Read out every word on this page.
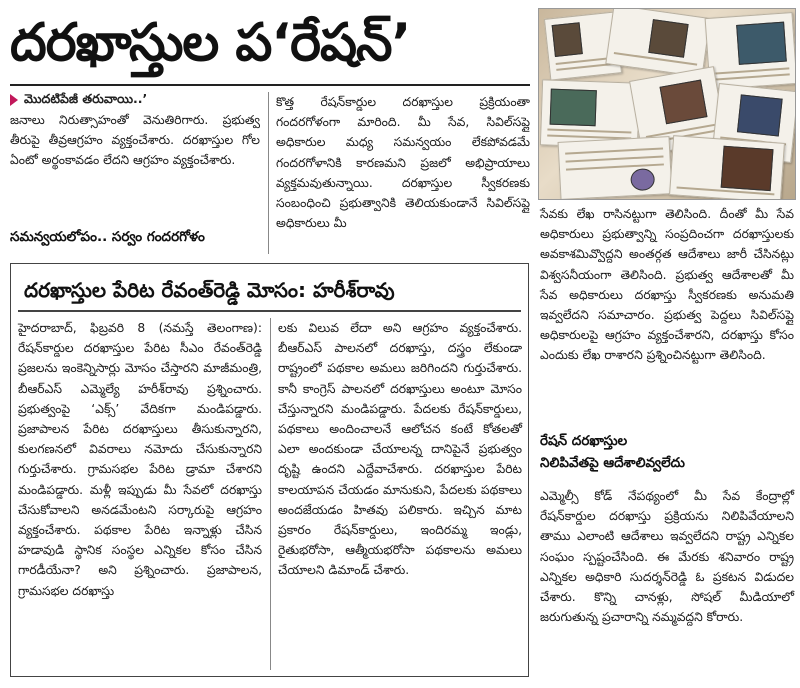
దరఖాస్తుల ప‘రేషన్’
మొదటిపేజీ తరువాయి..’
జనాలు నిరుత్సాహంతో వెనుతిరిగారు. ప్రభుత్వ తీరుపై తీవ్రఆగ్రహం వ్యక్తంచేశారు. దరఖాస్తుల గోల ఏంటో అర్థంకావడం లేదని ఆగ్రహం వ్యక్తంచేశారు.
సమన్వయలోపం.. సర్వం గందరగోళం
కొత్త రేషన్‌కార్డుల దరఖాస్తుల ప్రక్రియంతా గందరగోళంగా మారింది. మీ సేవ, సివిల్‌సప్లై అధికారుల మధ్య సమన్వయం లేకపోవడమే గందరగోళానికి కారణమని ప్రజలో అభిప్రాయాలు వ్యక్తమవుతున్నాయి. దరఖాస్తుల స్వీకరణకు సంబంధించి ప్రభుత్వానికి తెలియకుండానే సివిల్‌సప్లై అధికారులు మీ
సేవకు లేఖ రాసినట్టుగా తెలిసింది. దీంతో మీ సేవ అధికారులు ప్రభుత్వాన్ని సంప్రదించగా దరఖాస్తులకు అవకాశమివ్వొద్దని అంతర్గత ఆదేశాలు జారీ చేసినట్లు విశ్వసనీయంగా తెలిసింది. ప్రభుత్వ ఆదేశాలతో మీ సేవ అధికారులు దరఖాస్తు స్వీకరణకు అనుమతి ఇవ్వలేదని సమాచారం. ప్రభుత్వ పెద్దలు సివిల్‌సప్లై అధికారులపై ఆగ్రహం వ్యక్తంచేశారని, దరఖాస్తు కోసం ఎందుకు లేఖ రాశారని ప్రశ్నించినట్టుగా తెలిసింది.
రేషన్ దరఖాస్తుల
నిలిపివేతపై ఆదేశాలివ్వలేదు
ఎమ్మెల్సీ కోడ్ నేపథ్యంలో మీ సేవ కేంద్రాల్లో రేషన్‌కార్డుల దరఖాస్తు ప్రక్రియను నిలిపివేయాలని తాము ఎలాంటి ఆదేశాలు ఇవ్వలేదని రాష్ట్ర ఎన్నికల సంఘం స్పష్టంచేసింది. ఈ మేరకు శనివారం రాష్ట్ర ఎన్నికల అధికారి సుదర్శన్‌రెడ్డి ఓ ప్రకటన విడుదల చేశారు. కొన్ని చానళ్లు, సోషల్ మీడియాలో జరుగుతున్న ప్రచారాన్ని నమ్మవద్దని కోరారు.
దరఖాస్తుల పేరిట రేవంత్‌రెడ్డి మోసం: హరీశ్‌రావు
హైదరాబాద్, ఫిబ్రవరి 8 (నమస్తే తెలంగాణ): రేషన్‌కార్డుల దరఖాస్తుల పేరిట సీఎం రేవంత్‌రెడ్డి ప్రజలను ఇంకెన్నిసార్లు మోసం చేస్తారని మాజీమంత్రి, బీఆర్‌ఎస్ ఎమ్మెల్యే హరీశ్‌రావు ప్రశ్నించారు. ప్రభుత్వంపై ‘ఎక్స్’ వేదికగా మండిపడ్డారు. ప్రజాపాలన పేరిట దరఖాస్తులు తీసుకున్నారని, కులగణనలో వివరాలు నమోదు చేసుకున్నారని గుర్తుచేశారు. గ్రామసభల పేరిట డ్రామా చేశారని మండిపడ్డారు. మళ్లీ ఇప్పుడు మీ సేవలో దరఖాస్తు చేసుకోవాలని అనడమేంటని సర్కారుపై ఆగ్రహం వ్యక్తంచేశారు. పథకాల పేరిట ఇన్నాళ్లు చేసిన హడావుడి స్థానిక సంస్థల ఎన్నికల కోసం చేసిన గారడీయేనా? అని ప్రశ్నించారు. ప్రజాపాలన, గ్రామసభల దరఖాస్తు
లకు విలువ లేదా అని ఆగ్రహం వ్యక్తంచేశారు. బీఆర్‌ఎస్ పాలనలో దరఖాస్తు, దస్త్రం లేకుండా రాష్ట్రంలో పథకాల అమలు జరిగిందని గుర్తుచేశారు. కానీ కాంగ్రెస్ పాలనలో దరఖాస్తులు అంటూ మోసం చేస్తున్నారని మండిపడ్డారు. పేదలకు రేషన్‌కార్డులు, పథకాలు అందించాలనే ఆలోచన కంటే కోతలతో ఎలా అందకుండా చేయాలన్న దానిపైనే ప్రభుత్వం దృష్టి ఉందని ఎద్దేవాచేశారు. దరఖాస్తుల పేరిట కాలయాపన చేయడం మానుకుని, పేదలకు పథకాలు అందజేయడం హితవు పలికారు. ఇచ్చిన మాట ప్రకారం రేషన్‌కార్డులు, ఇందిరమ్మ ఇండ్లు, రైతుభరోసా, ఆత్మీయభరోసా పథకాలను అమలు చేయాలని డిమాండ్ చేశారు.
